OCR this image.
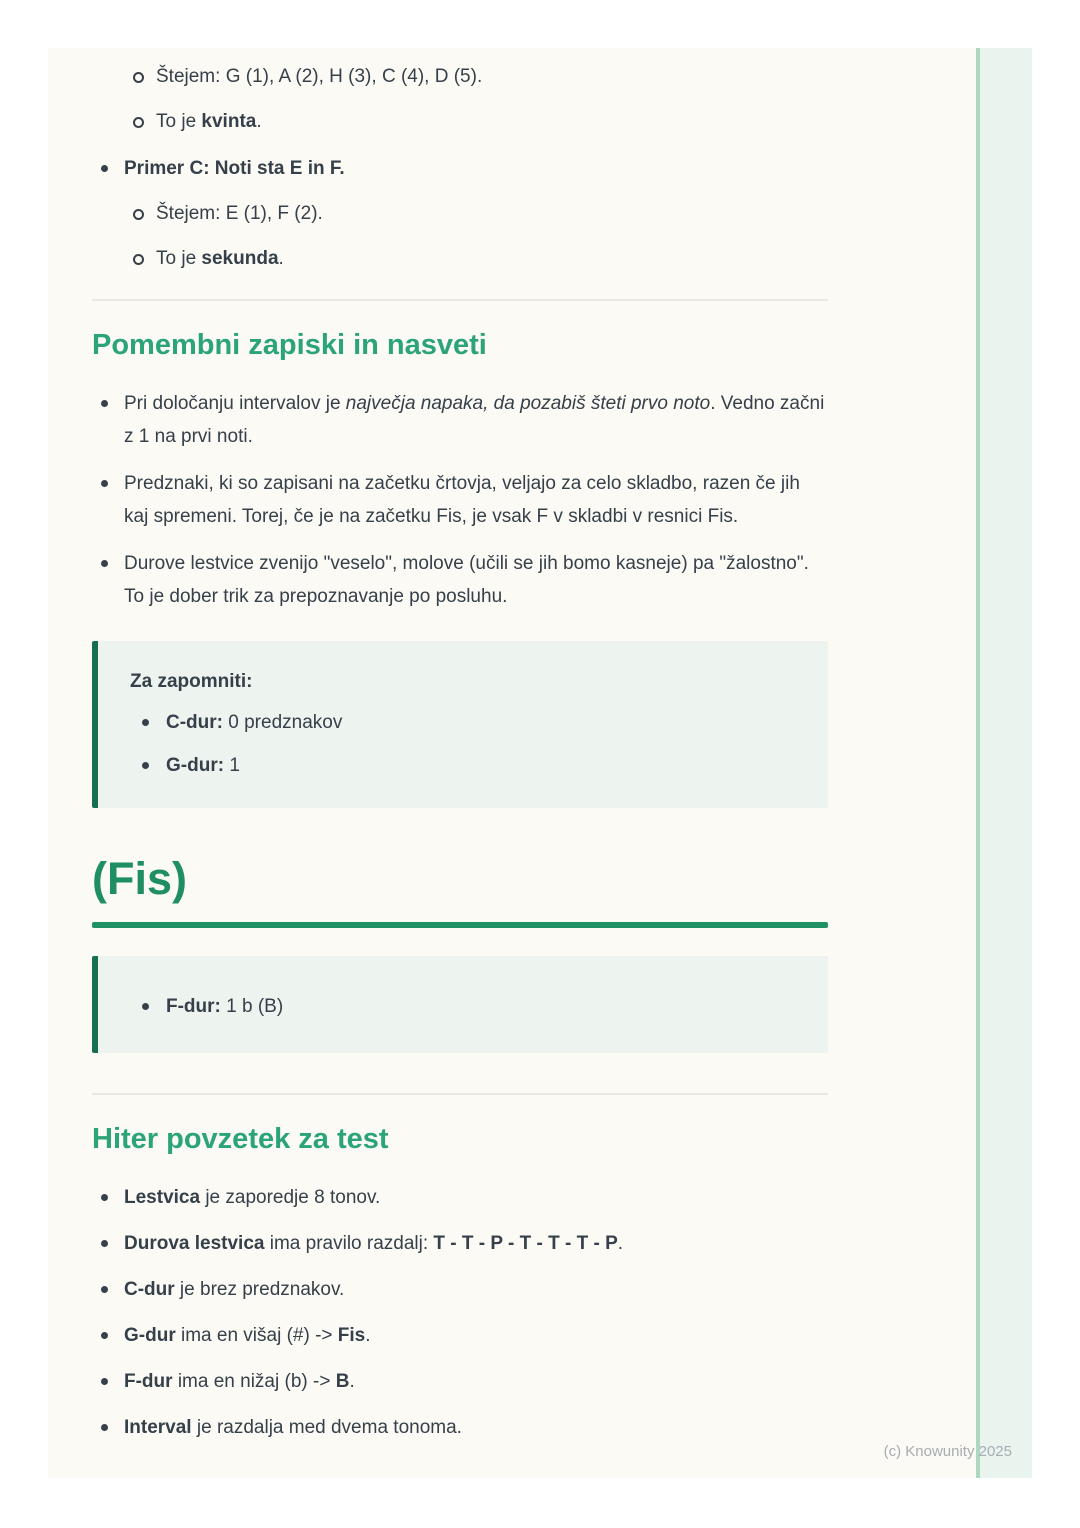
Štejem: G (1), A (2), H (3), C (4), D (5).
To je kvinta.
Primer C: Noti sta E in F.
Štejem: E (1), F (2).
To je sekunda.
Pomembni zapiski in nasveti
Pri določanju intervalov je največja napaka, da pozabiš šteti prvo noto. Vedno začni z 1 na prvi noti.
Predznaki, ki so zapisani na začetku črtovja, veljajo za celo skladbo, razen če jih kaj spremeni. Torej, če je na začetku Fis, je vsak F v skladbi v resnici Fis.
Durove lestvice zvenijo "veselo", molove (učili se jih bomo kasneje) pa "žalostno". To je dober trik za prepoznavanje po posluhu.
Za zapomniti:
C-dur: 0 predznakov
G-dur: 1
(Fis)
F-dur: 1 b (B)
Hiter povzetek za test
Lestvica je zaporedje 8 tonov.
Durova lestvica ima pravilo razdalj: T - T - P - T - T - T - P.
C-dur je brez predznakov.
G-dur ima en višaj (#) -> Fis.
F-dur ima en nižaj (b) -> B.
Interval je razdalja med dvema tonoma.
(c) Knowunity 2025
